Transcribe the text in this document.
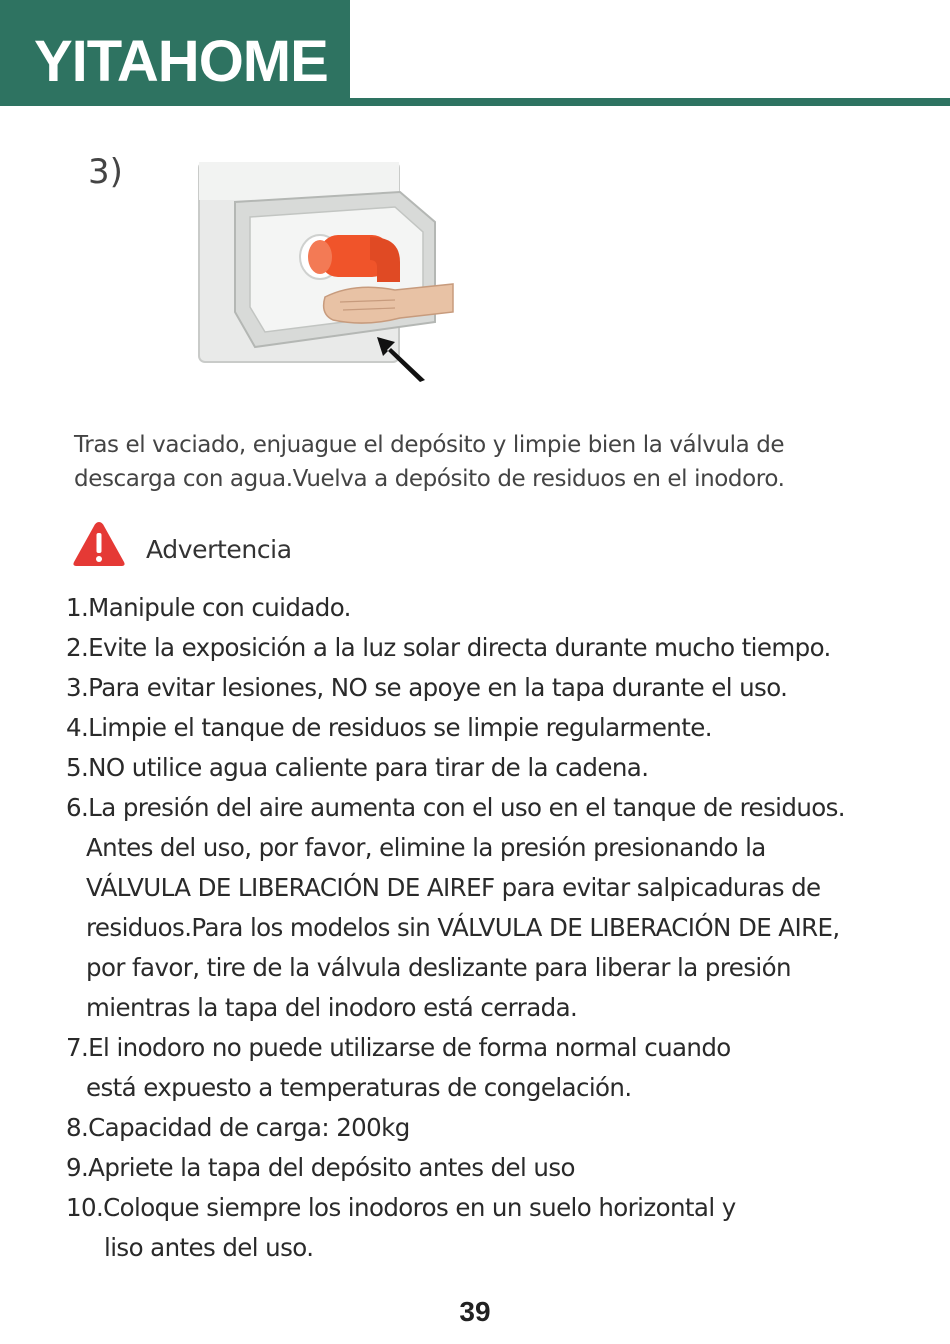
YITAHOME
3)
Tras el vaciado, enjuague el depósito y limpie bien la válvula de
descarga con agua.Vuelva a depósito de residuos en el inodoro.
Advertencia
1.Manipule con cuidado.
2.Evite la exposición a la luz solar directa durante mucho tiempo.
3.Para evitar lesiones, NO se apoye en la tapa durante el uso.
4.Limpie el tanque de residuos se limpie regularmente.
5.NO utilice agua caliente para tirar de la cadena.
6.La presión del aire aumenta con el uso en el tanque de residuos.
Antes del uso, por favor, elimine la presión presionando la
VÁLVULA DE LIBERACIÓN DE AIREF para evitar salpicaduras de
residuos.Para los modelos sin VÁLVULA DE LIBERACIÓN DE AIRE,
por favor, tire de la válvula deslizante para liberar la presión
mientras la tapa del inodoro está cerrada.
7.El inodoro no puede utilizarse de forma normal cuando
está expuesto a temperaturas de congelación.
8.Capacidad de carga: 200kg
9.Apriete la tapa del depósito antes del uso
10.Coloque siempre los inodoros en un suelo horizontal y
liso antes del uso.
39
